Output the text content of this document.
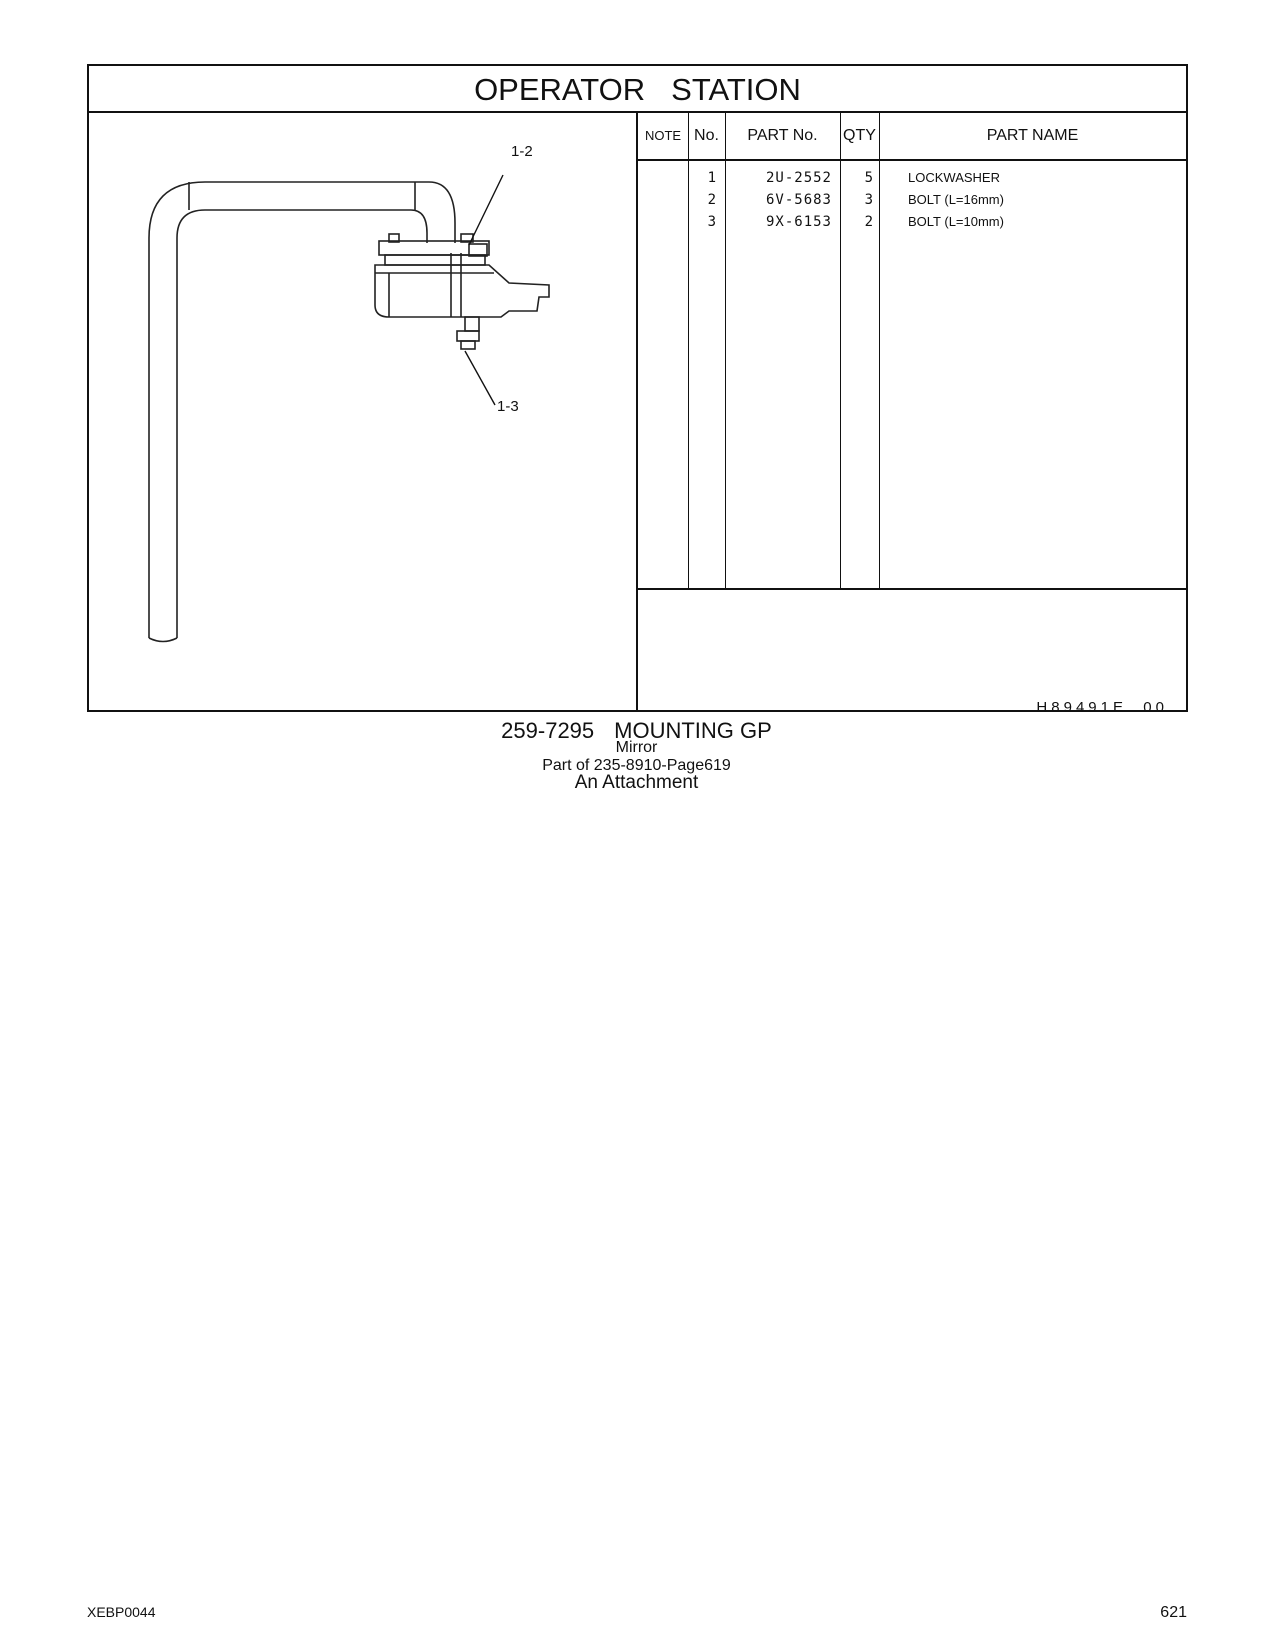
OPERATOR STATION
1-2
1-3
NOTE No.	PART No.	QTY	PART NAME
1	2U-2552	5	LOCKWASHER
2	6V-5683	3	BOLT (L=16mm)
3	9X-6153	2	BOLT (L=10mm)
H89491E  00
259-7295 MOUNTING GP
Mirror
Part of 235-8910-Page619
An Attachment
XEBP0044	621
